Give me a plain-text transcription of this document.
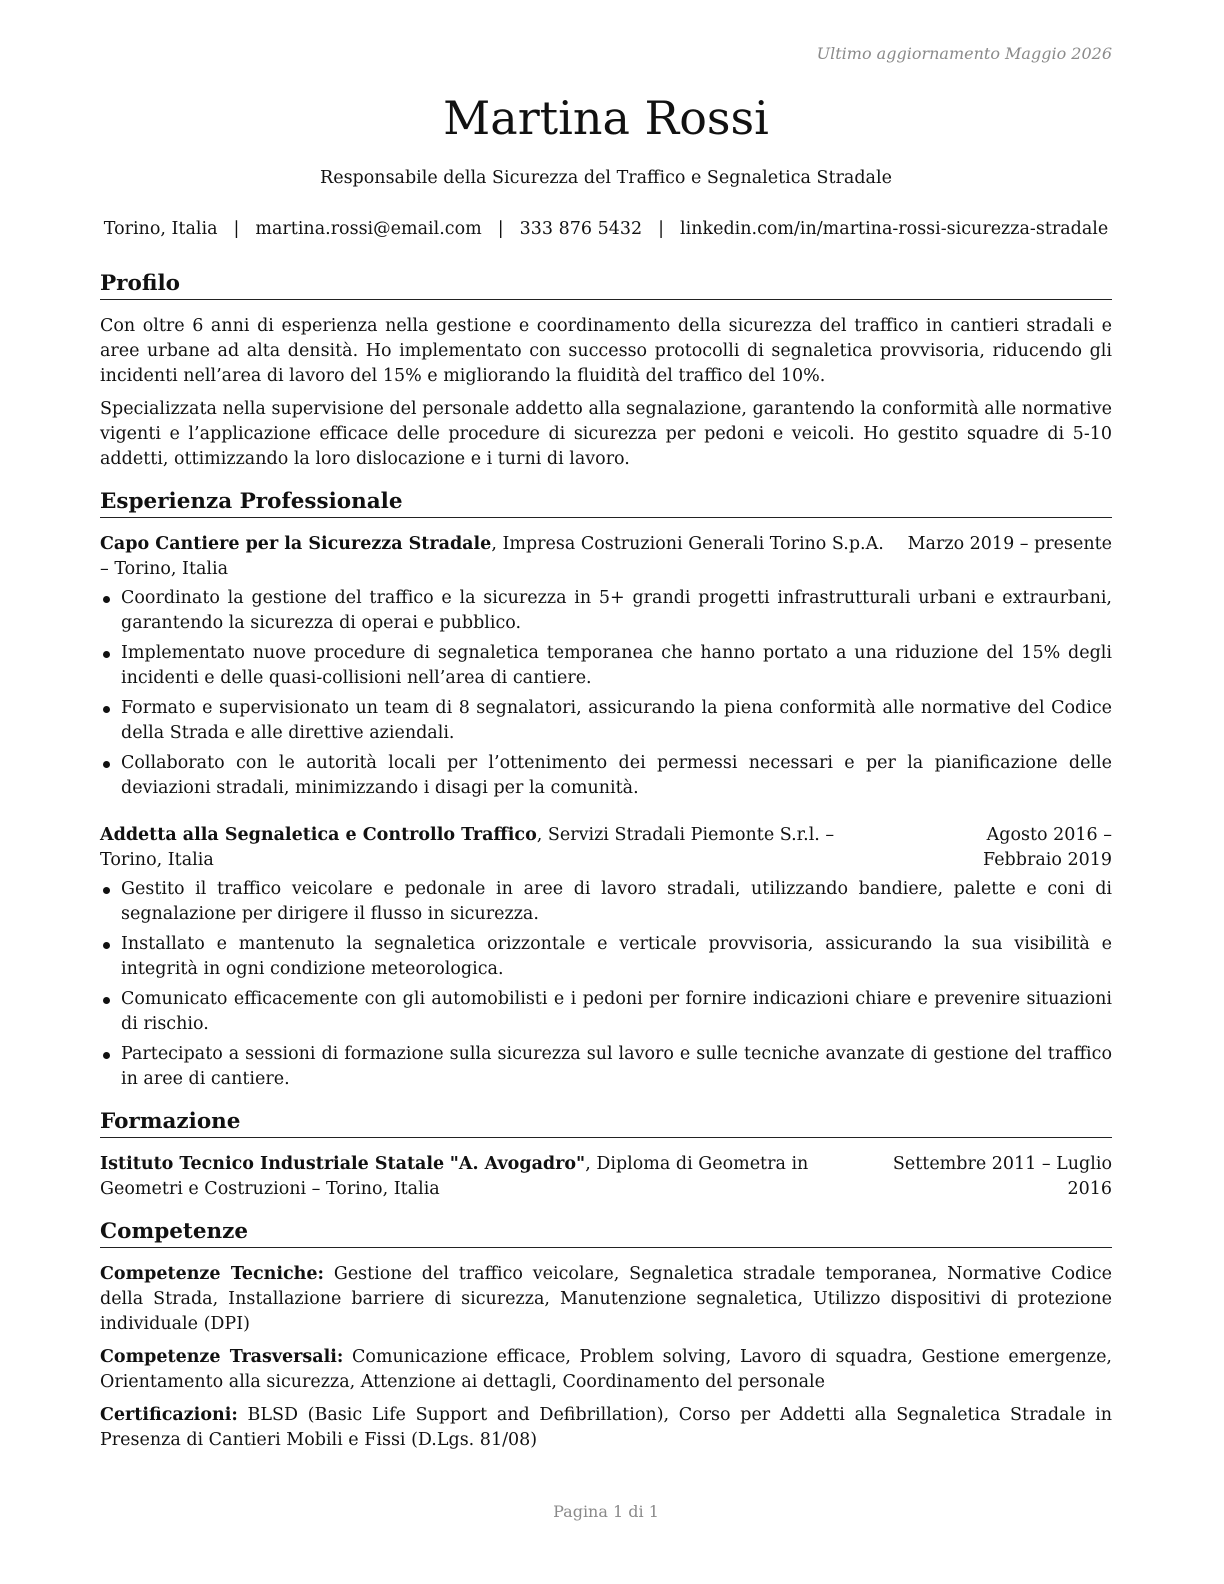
Ultimo aggiornamento Maggio 2026
Martina Rossi
Responsabile della Sicurezza del Traffico e Segnaletica Stradale
Torino, Italia | martina.rossi@email.com | 333 876 5432 | linkedin.com/in/martina-rossi-sicurezza-stradale
Profilo

Con oltre 6 anni di esperienza nella gestione e coordinamento della sicurezza del traffico in cantieri stradali e aree urbane ad alta densità. Ho implementato con successo protocolli di segnaletica provvisoria, riducendo gli incidenti nell’area di lavoro del 15% e migliorando la fluidità del traffico del 10%.

Specializzata nella supervisione del personale addetto alla segnalazione, garantendo la conformità alle normative vigenti e l’applicazione efficace delle procedure di sicurezza per pedoni e veicoli. Ho gestito squadre di 5-10 addetti, ottimizzando la loro dislocazione e i turni di lavoro.

Esperienza Professionale
Capo Cantiere per la Sicurezza Stradale, Impresa Costruzioni Generali Torino S.p.A. – Torino, Italia
Marzo 2019 – presente
Coordinato la gestione del traffico e la sicurezza in 5+ grandi progetti infrastrutturali urbani e extraurbani, garantendo la sicurezza di operai e pubblico.
Implementato nuove procedure di segnaletica temporanea che hanno portato a una riduzione del 15% degli incidenti e delle quasi-collisioni nell’area di cantiere.
Formato e supervisionato un team di 8 segnalatori, assicurando la piena conformità alle normative del Codice della Strada e alle direttive aziendali.
Collaborato con le autorità locali per l’ottenimento dei permessi necessari e per la pianificazione delle deviazioni stradali, minimizzando i disagi per la comunità.
Addetta alla Segnaletica e Controllo Traffico, Servizi Stradali Piemonte S.r.l. – Torino, Italia
Agosto 2016 – Febbraio 2019
Gestito il traffico veicolare e pedonale in aree di lavoro stradali, utilizzando bandiere, palette e coni di segnalazione per dirigere il flusso in sicurezza.
Installato e mantenuto la segnaletica orizzontale e verticale provvisoria, assicurando la sua visibilità e integrità in ogni condizione meteorologica.
Comunicato efficacemente con gli automobilisti e i pedoni per fornire indicazioni chiare e prevenire situazioni di rischio.
Partecipato a sessioni di formazione sulla sicurezza sul lavoro e sulle tecniche avanzate di gestione del traffico in aree di cantiere.
Formazione
Istituto Tecnico Industriale Statale "A. Avogadro", Diploma di Geometra in Geometri e Costruzioni – Torino, Italia
Settembre 2011 – Luglio 2016
Competenze

Competenze Tecniche: Gestione del traffico veicolare, Segnaletica stradale temporanea, Normative Codice della Strada, Installazione barriere di sicurezza, Manutenzione segnaletica, Utilizzo dispositivi di protezione individuale (DPI)

Competenze Trasversali: Comunicazione efficace, Problem solving, Lavoro di squadra, Gestione emergenze, Orientamento alla sicurezza, Attenzione ai dettagli, Coordinamento del personale

Certificazioni: BLSD (Basic Life Support and Defibrillation), Corso per Addetti alla Segnaletica Stradale in Presenza di Cantieri Mobili e Fissi (D.Lgs. 81/08)

Pagina 1 di 1
